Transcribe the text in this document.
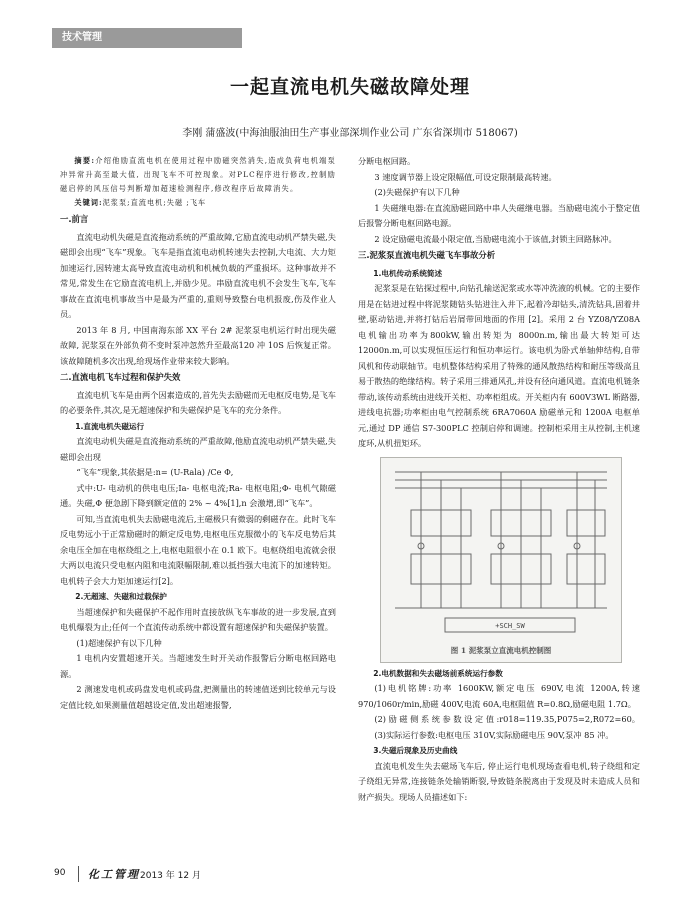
技术管理
一起直流电机失磁故障处理
李刚 蒲盛波(中海油服油田生产事业部深圳作业公司 广东省深圳市 518067)

摘要:介绍他励直流电机在使用过程中励磁突然消失,造成负荷电机端泵冲异常升高至最大值, 出现飞车不可控现象。对PLC程序进行修改,控制励磁启停的风压信号判断增加超速检测程序,修改程序后故障消失。

关键词:泥浆泵;直流电机;失磁 ;飞车

一.前言

直流电动机失磁是直流拖动系统的严重故障,它励直流电动机严禁失磁,失磁即会出现“飞车”现象。飞车是指直流电动机转速失去控制,大电流、大力矩加速运行,因转速太高导致直流电动机和机械负载的严重损坏。这种事故并不常见,常发生在它励直流电机上,并励少见。串励直流电机不会发生飞车,飞车事故在直流电机事故当中是最为严重的,重则导致整台电机报废,伤及作业人员。

2013 年 8 月, 中国南海东部 XX 平台 2# 泥浆泵电机运行时出现失磁故障, 泥浆泵在外部负荷不变时泵冲忽然升至最高120 冲 10S 后恢复正常。该故障随机多次出现,给现场作业带来较大影响。

二.直流电机飞车过程和保护失效

直流电机飞车是由两个因素造成的,首先失去励磁而无电枢反电势,是飞车的必要条件,其次,是无超速保护和失磁保护是飞车的充分条件。

1.直流电机失磁运行

直流电动机失磁是直流拖动系统的严重故障,他励直流电动机严禁失磁,失磁即会出现

“飞车”现象,其依据是:n= (U-Rala) /Ce Φ,

式中:U- 电动机的供电电压;Ia- 电枢电流;Ra- 电枢电阻;Φ- 电机气隙磁通。失磁,Φ 便急剧下降到额定值的 2% ~ 4%[1],n 会激增,即“飞车”。

可知,当直流电机失去励磁电流后,主磁极只有微弱的剩磁存在。此时飞车反电势远小于正常励磁时的额定反电势,电枢电压克服微小的飞车反电势后其余电压全加在电枢绕组之上,电枢电阻很小在 0.1 欧下。电枢绕组电流就会很大两以电流只受电枢内阻和电流限幅限制,难以抵挡强大电流下的加速转矩。电机转子会大力矩加速运行[2]。

2.无超速、失磁和过载保护

当超速保护和失磁保护不起作用时直接放纵飞车事故的进一步发展,直到电机爆裂为止;任何一个直流传动系统中都设置有超速保护和失磁保护装置。

(1)超速保护有以下几种

1 电机内安置超速开关。当超速发生时开关动作报警后分断电枢回路电源。

2 测速发电机或码盘发电机或码盘,把测量出的转速值送到比较单元与设定值比较,如果测量值超越设定值,发出超速报警,

分断电枢回路。

3 速度调节器上设定限幅值,可设定限制最高转速。

(2)失磁保护有以下几种

1 失磁继电器:在直流励磁回路中串人失磁继电器。当励磁电流小于整定值后报警分断电枢回路电源。

2 设定励磁电流最小限定值,当励磁电流小于该值,封锁主回路脉冲。

三.泥浆泵直流电机失磁飞车事故分析

1.电机传动系统简述

泥浆泵是在钻探过程中,向钻孔输送泥浆或水等冲洗液的机械。它的主要作用是在钻进过程中将泥浆随钻头钻进注入井下,起着冷却钻头,清洗钻具,固着井壁,驱动钻进,并将打钻后岩屑带回地面的作用 [2]。采用 2 台 YZ08/YZ08A 电机输出功率为800kW,输出转矩为 8000n.m,输出最大转矩可达 12000n.m,可以实现恒压运行和恒功率运行。该电机为卧式单轴伸结构,自带风机和传动联轴节。电机整体结构采用了特殊的通风散热结构和耐压等级高且易于散热的绝缘结构。转子采用三排通风孔,并设有径向通风道。直流电机链条带动,该传动系统由进线开关柜、功率柜组成。开关柜内有 600V3WL 断路器,进线电抗器;功率柜由电气控制系统 6RA7060A 励磁单元和 1200A 电枢单元,通过 DP 通信 S7-300PLC 控制启停和调速。控制柜采用主从控制,主机速度环,从机扭矩环。

+SCH_SW
图 1 泥浆泵立直流电机控制图

2.电机数据和失去磁场前系统运行参数

(1)电机铭牌:功率 1600KW,额定电压 690V,电流 1200A,转速 970/1060r/min,励磁 400V,电流 60A,电枢阻值 R=0.8Ω,励磁电阻 1.7Ω。

(2) 励 磁 侧 系 统 参 数 设 定 值 :r018=119.35,P075=2,R072=60。

(3)实际运行参数:电枢电压 310V,实际励磁电压 90V,泵冲 85 冲。

3.失磁后现象及历史曲线

直流电机发生失去磁场飞车后, 停止运行电机现场查看电机,转子绕组和定子绕组无异常,连接链条处输销断裂,导致链条脱离由于发现及时未造成人员和财产损失。现场人员描述如下:

90 化工管理 2013 年 12 月
